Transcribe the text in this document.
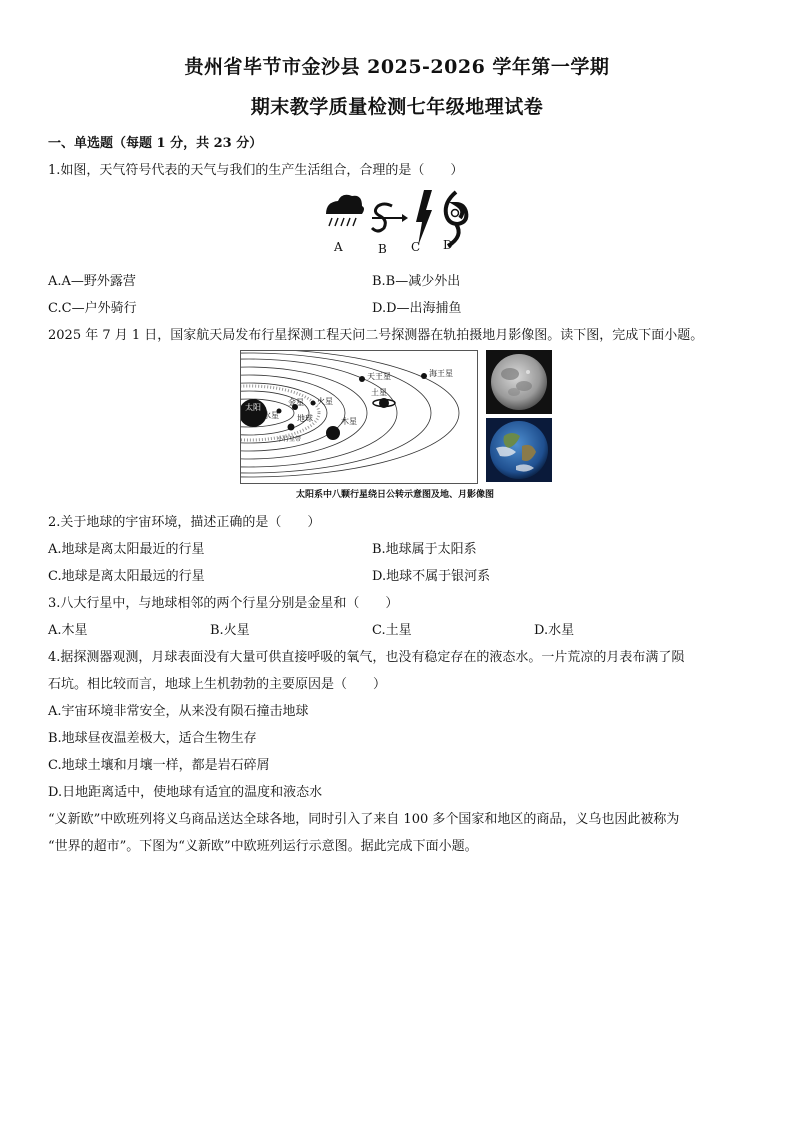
贵州省毕节市金沙县 2025-2026 学年第一学期
期末教学质量检测七年级地理试卷
一、单选题（每题 1 分，共 23 分）
1.如图，天气符号代表的天气与我们的生产生活组合，合理的是（　　）
A	B C D
A.A—野外露营	B.B—减少外出
C.C—户外骑行	D.D—出海捕鱼
2025 年 7 月 1 日，国家航天局发布行星探测工程天问二号探测器在轨拍摄地月影像图。读下图，完成下面小题。
太阳
天王星	海王星
土星
木星
火星
金星
水星 地球
小行星带
太阳系中八颗行星绕日公转示意图及地、月影像图
2.关于地球的宇宙环境，描述正确的是（　　）
A.地球是离太阳最近的行星	B.地球属于太阳系
C.地球是离太阳最远的行星	D.地球不属于银河系
3.八大行星中，与地球相邻的两个行星分别是金星和（　　）
A.木星	B.火星	C.土星	D.水星
4.据探测器观测，月球表面没有大量可供直接呼吸的氧气，也没有稳定存在的液态水。一片荒凉的月表布满了陨
石坑。相比较而言，地球上生机勃勃的主要原因是（　　）
A.宇宙环境非常安全，从来没有陨石撞击地球
B.地球昼夜温差极大，适合生物生存
C.地球土壤和月壤一样，都是岩石碎屑
D.日地距离适中，使地球有适宜的温度和液态水
“义新欧”中欧班列将义乌商品送达全球各地，同时引入了来自 100 多个国家和地区的商品，义乌也因此被称为
“世界的超市”。下图为“义新欧”中欧班列运行示意图。据此完成下面小题。
